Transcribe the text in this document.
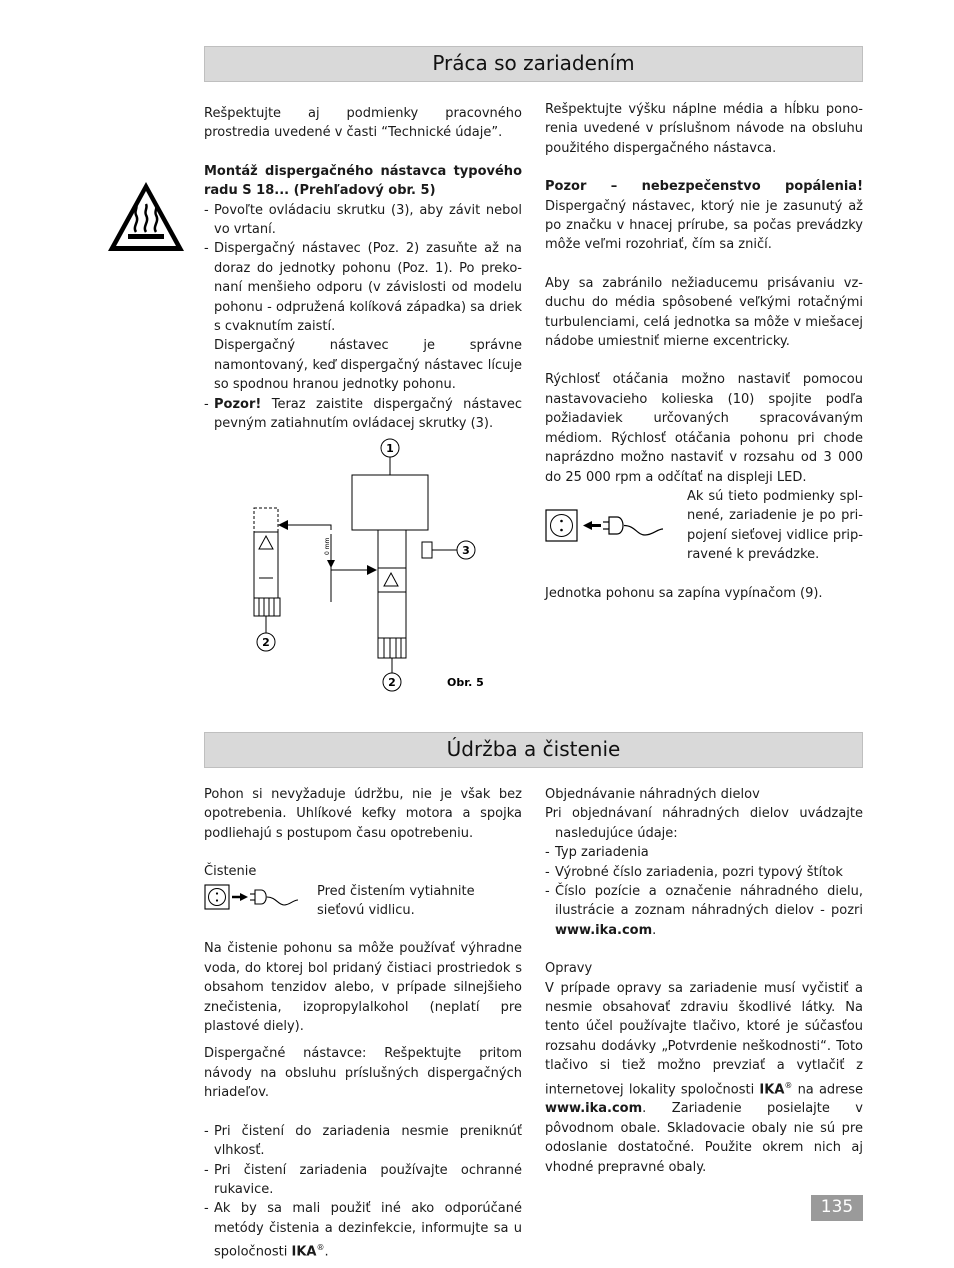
Práca so zariadením

Rešpektujte aj podmienky pracovného prostredia uvedené v časti “Technické údaje”.

Montáž dispergačného nástavca typového radu S 18... (Prehľadový obr. 5)

- Povoľte ovládaciu skrutku (3), aby závit nebol vo vrtaní.
- Dispergačný nástavec (Poz. 2) zasuňte až na doraz do jednotky pohonu (Poz. 1). Po prekonaní menšieho odporu (v závislosti od modelu pohonu - odpružená kolíková západka) sa driek s cvaknutím zaistí.

Dispergačný nástavec je správne namontovaný, keď dispergačný nástavec lícuje so spodnou hranou jednotky pohonu.

- Pozor! Teraz zaistite dispergačný nástavec pevným zatiahnutím ovládacej skrutky (3).
1
3
2
2
0 mm
Obr. 5

Rešpektujte výšku náplne média a hĺbku ponorenia uvedené v príslušnom návode na obsluhu použitého dispergačného nástavca.

Pozor – nebezpečenstvo popálenia!

Dispergačný nástavec, ktorý nie je zasunutý až po značku v hnacej prírube, sa počas prevádzky môže veľmi rozohriať, čím sa zničí.

Aby sa zabránilo nežiaducemu prisávaniu vzduchu do média spôsobené veľkými rotačnými turbulenciami, celá jednotka sa môže v miešacej nádobe umiestniť mierne excentricky.

Rýchlosť otáčania možno nastaviť pomocou nastavovacieho kolieska (10) spojite podľa požiadaviek určovaných spracovávaným médiom. Rýchlosť otáčania pohonu pri chode naprázdno možno nastaviť v rozsahu od 3 000 do 25 000 rpm a odčítať na displeji LED.

Ak sú tieto podmienky splnené, zariadenie je po pripojení sieťovej vidlice pripravené k prevádzke.

Jednotka pohonu sa zapína vypínačom (9).

Údržba a čistenie

Pohon si nevyžaduje údržbu, nie je však bez opotrebenia. Uhlíkové kefky motora a spojka podliehajú s postupom času opotrebeniu.

Čistenie

Pred čistením vytiahnite sieťovú vidlicu.

Na čistenie pohonu sa môže používať výhradne voda, do ktorej bol pridaný čistiaci prostriedok s obsahom tenzidov alebo, v prípade silnejšieho znečistenia, izopropylalkohol (neplatí pre plastové diely).

Dispergačné nástavce: Rešpektujte pritom návody na obsluhu príslušných dispergačných hriadeľov.

- Pri čistení do zariadenia nesmie preniknúť vlhkosť.
- Pri čistení zariadenia používajte ochranné rukavice.
- Ak by sa mali použiť iné ako odporúčané metódy čistenia a dezinfekcie, informujte sa u spoločnosti IKA®.

Objednávanie náhradných dielov

Pri objednávaní náhradných dielov uvádzajte nasledujúce údaje:

- Typ zariadenia
- Výrobné číslo zariadenia, pozri typový štítok
- Číslo pozície a označenie náhradného dielu, ilustrácie a zoznam náhradných dielov - pozri www.ika.com.

Opravy

V prípade opravy sa zariadenie musí vyčistiť a nesmie obsahovať zdraviu škodlivé látky. Na tento účel používajte tlačivo, ktoré je súčasťou rozsahu dodávky „Potvrdenie neškodnosti“. Toto tlačivo si tiež možno prevziať a vytlačiť z internetovej lokality spoločnosti IKA® na adrese www.ika.com. Zariadenie posielajte v pôvodnom obale. Skladovacie obaly nie sú pre odoslanie dostatočné. Použite okrem nich aj vhodné prepravné obaly.

135
